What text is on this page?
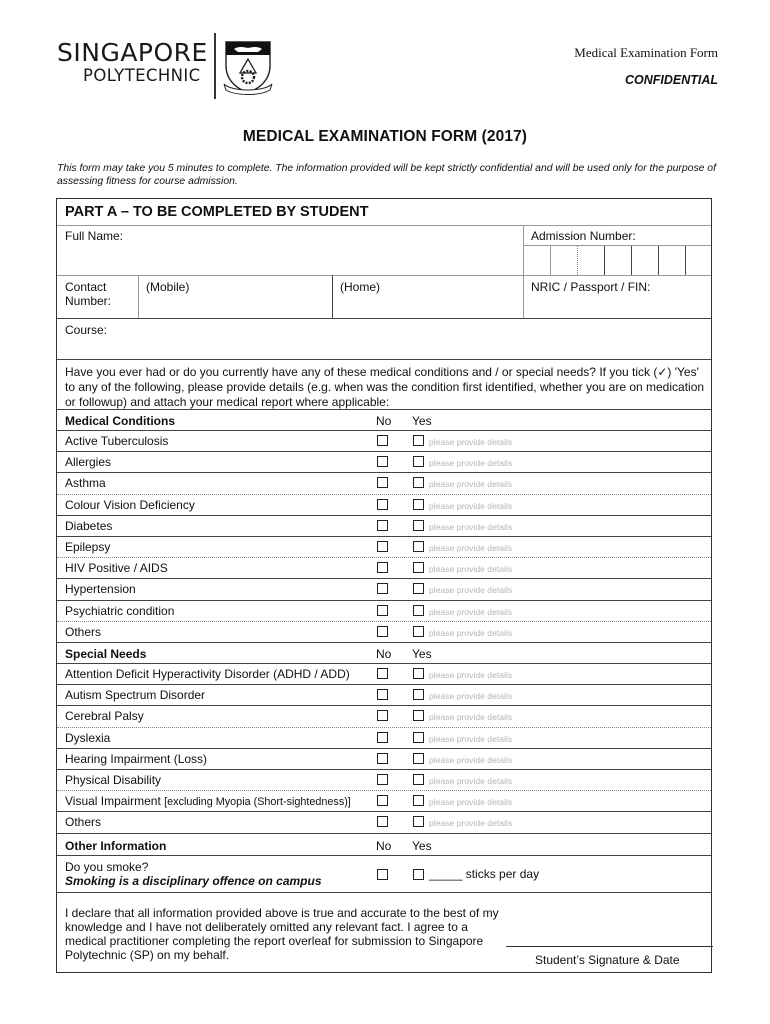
SINGAPORE
POLYTECHNIC
Medical Examination Form
CONFIDENTIAL
MEDICAL EXAMINATION FORM (2017)
This form may take you 5 minutes to complete. The information provided will be kept strictly confidential and will be used only for the purpose of assessing fitness for course admission.
PART A – TO BE COMPLETED BY STUDENT
Full Name:	Admission Number:
Contact
Number:
(Mobile)	(Home)	NRIC / Passport / FIN:
Course:
Have you ever had or do you currently have any of these medical conditions and / or special needs? If you tick (✓) 'Yes' to any of the following, please provide details (e.g. when was the condition first identified, whether you are on medication or followup) and attach your medical report where applicable:
Medical Conditions	No Yes
Active Tuberculosis	please provide details
Allergies	please provide details
Asthma	please provide details
Colour Vision Deficiency	please provide details
Diabetes	please provide details
Epilepsy	please provide details
HIV Positive / AIDS	please provide details
Hypertension	please provide details
Psychiatric condition	please provide details
Others	please provide details
Special Needs	No Yes
Attention Deficit Hyperactivity Disorder (ADHD / ADD)	please provide details
Autism Spectrum Disorder	please provide details
Cerebral Palsy	please provide details
Dyslexia	please provide details
Hearing Impairment (Loss)	please provide details
Physical Disability	please provide details
Visual Impairment [excluding Myopia (Short-sightedness)]	please provide details
Others	please provide details
Other Information	No Yes
Do you smoke?
Smoking is a disciplinary offence on campus	_____ sticks per day
I declare that all information provided above is true and accurate to the best of my knowledge and I have not deliberately omitted any relevant fact. I agree to a medical practitioner completing the report overleaf for submission to Singapore Polytechnic (SP) on my behalf.	Student’s Signature & Date
